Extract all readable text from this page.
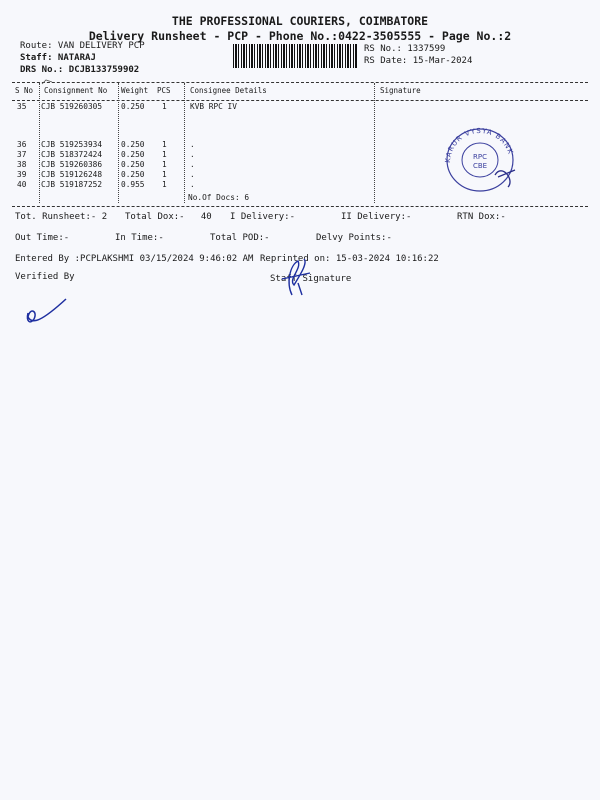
THE PROFESSIONAL COURIERS, COIMBATORE
Delivery Runsheet - PCP - Phone No.:0422-3505555 - Page No.:2
Route: VAN DELIVERY PCP
Staff: NATARAJ
DRS No.: DCJB133759902
RS No.: 1337599
RS Date: 15-Mar-2024
S No Consignment No Weight PCS	Consignee Details	Signature
35 CJB 519260305 0.250 1	KVB RPC IV
36 CJB 519253934 0.250 1	.
37 CJB 518372424 0.250 1	.
38 CJB 519260386 0.250 1	.
39 CJB 519126248 0.250 1	.
40 CJB 519187252 0.955 1	.
No.Of Docs: 6
KARUR VYSYA BANK
RPC
CBE
Tot. Runsheet:- 2 Total Dox:-   40 I Delivery:-	II Delivery:-	RTN Dox:-
Out Time:-	In Time:-	Total POD:-	Delvy Points:-
Entered By :PCPLAKSHMI 03/15/2024 9:46:02 AM Reprinted on: 15-03-2024 10:16:22
Verified By	Staff Signature
